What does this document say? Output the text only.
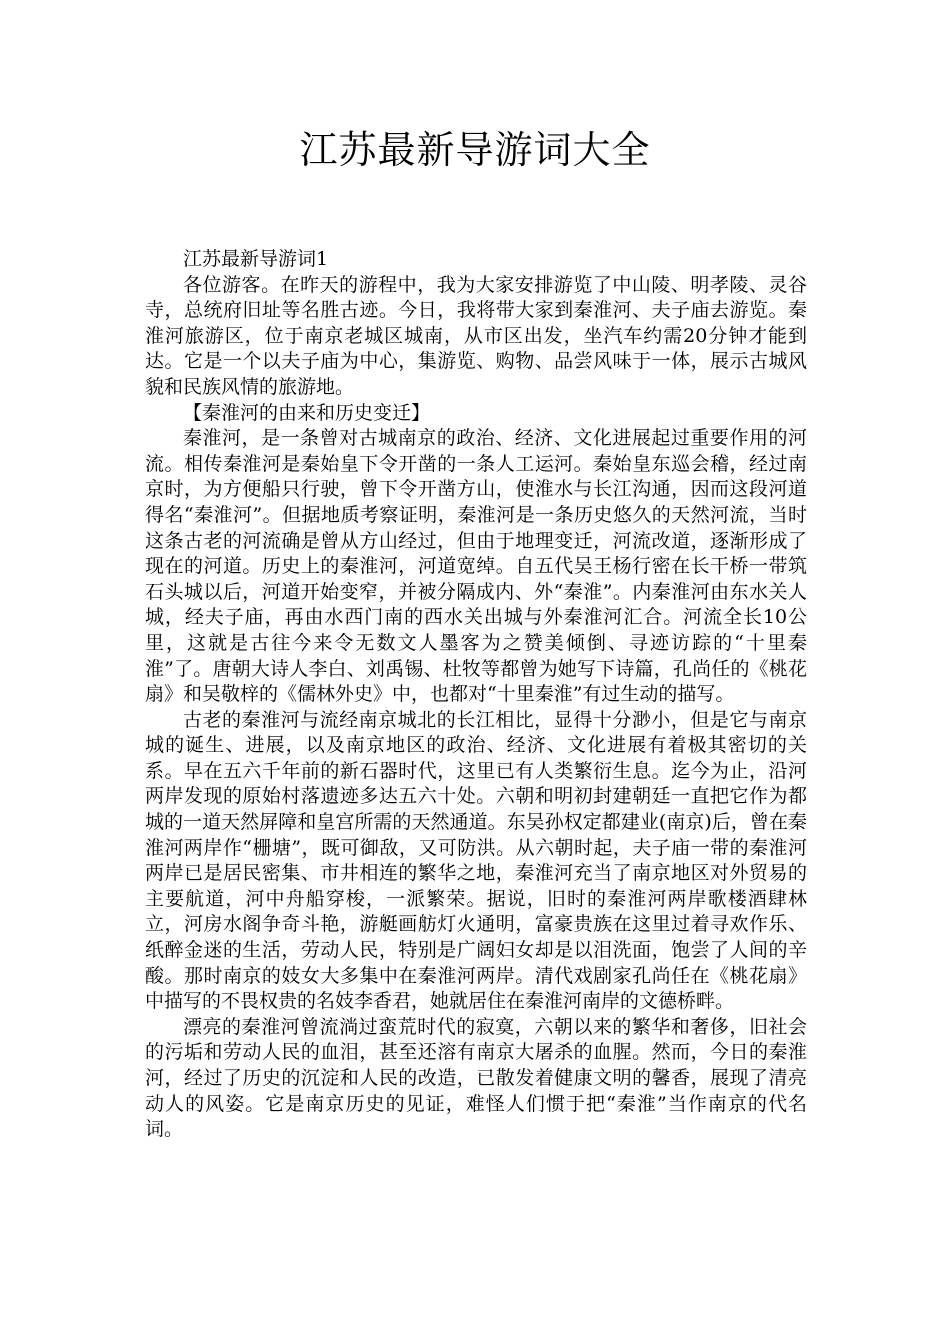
江苏最新导游词大全

江苏最新导游词1

各位游客。在昨天的游程中，我为大家安排游览了中山陵、明孝陵、灵谷寺，总统府旧址等名胜古迹。今日，我将带大家到秦淮河、夫子庙去游览。秦淮河旅游区，位于南京老城区城南，从市区出发，坐汽车约需20分钟才能到达。它是一个以夫子庙为中心，集游览、购物、品尝风味于一体，展示古城风貌和民族风情的旅游地。

【秦淮河的由来和历史变迁】

秦淮河，是一条曾对古城南京的政治、经济、文化进展起过重要作用的河流。相传秦淮河是秦始皇下令开凿的一条人工运河。秦始皇东巡会稽，经过南京时，为方便船只行驶，曾下令开凿方山，使淮水与长江沟通，因而这段河道得名“秦淮河”。但据地质考察证明，秦淮河是一条历史悠久的天然河流，当时这条古老的河流确是曾从方山经过，但由于地理变迁，河流改道，逐渐形成了现在的河道。历史上的秦淮河，河道宽绰。自五代吴王杨行密在长干桥一带筑石头城以后，河道开始变窄，并被分隔成内、外“秦淮”。内秦淮河由东水关人城，经夫子庙，再由水西门南的西水关出城与外秦淮河汇合。河流全长10公里，这就是古往今来令无数文人墨客为之赞美倾倒、寻迹访踪的“十里秦淮”了。唐朝大诗人李白、刘禹锡、杜牧等都曾为她写下诗篇，孔尚任的《桃花扇》和吴敬梓的《儒林外史》中，也都对“十里秦淮”有过生动的描写。

古老的秦淮河与流经南京城北的长江相比，显得十分渺小，但是它与南京城的诞生、进展，以及南京地区的政治、经济、文化进展有着极其密切的关系。早在五六千年前的新石器时代，这里已有人类繁衍生息。迄今为止，沿河两岸发现的原始村落遗迹多达五六十处。六朝和明初封建朝廷一直把它作为都城的一道天然屏障和皇宫所需的天然通道。东吴孙权定都建业(南京)后，曾在秦淮河两岸作“栅塘”，既可御敌，又可防洪。从六朝时起，夫子庙一带的秦淮河两岸已是居民密集、市井相连的繁华之地，秦淮河充当了南京地区对外贸易的主要航道，河中舟船穿梭，一派繁荣。据说，旧时的秦淮河两岸歌楼酒肆林立，河房水阁争奇斗艳，游艇画舫灯火通明，富豪贵族在这里过着寻欢作乐、纸醉金迷的生活，劳动人民，特别是广阔妇女却是以泪洗面，饱尝了人间的辛酸。那时南京的妓女大多集中在秦淮河两岸。清代戏剧家孔尚任在《桃花扇》中描写的不畏权贵的名妓李香君，她就居住在秦淮河南岸的文德桥畔。

漂亮的秦淮河曾流淌过蛮荒时代的寂寞，六朝以来的繁华和奢侈，旧社会的污垢和劳动人民的血泪，甚至还溶有南京大屠杀的血腥。然而，今日的秦淮河，经过了历史的沉淀和人民的改造，已散发着健康文明的馨香，展现了清亮动人的风姿。它是南京历史的见证，难怪人们惯于把“秦淮”当作南京的代名词。
